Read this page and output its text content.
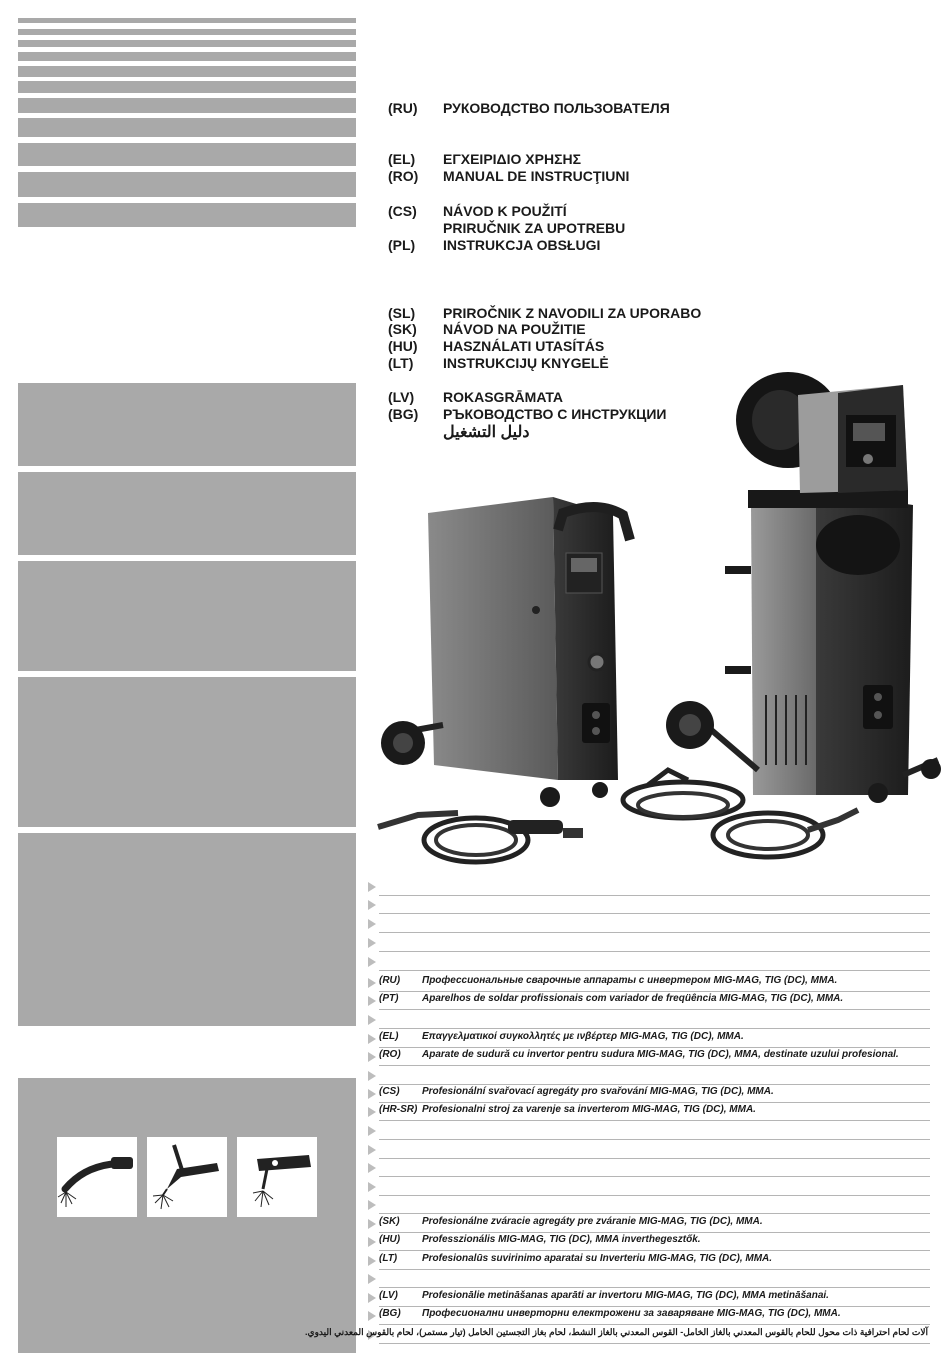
(RU)	РУКОВОДСТВО ПОЛЬЗОВАТЕЛЯ
(EL)	ΕΓΧΕΙΡΙΔΙΟ ΧΡΗΣΗΣ
(RO)	MANUAL DE INSTRUCŢIUNI
(CS)	NÁVOD K POUŽITÍ
PRIRUČNIK ZA UPOTREBU
(PL)	INSTRUKCJA OBSŁUGI
(SL)	PRIROČNIK Z NAVODILI ZA UPORABO
(SK)	NÁVOD NA POUŽITIE
(HU)	HASZNÁLATI UTASÍTÁS
(LT)	INSTRUKCIJŲ KNYGELĖ
(LV)	ROKASGRĀMATA
(BG)	РЪКОВОДСТВО С ИНСТРУКЦИИ
دليل التشغيل
(RU) Профессиональные сварочные аппараты с инвертером MIG-MAG, TIG (DC), MMA.
(PT) Aparelhos de soldar profissionais com variador de freqüência MIG-MAG, TIG (DC), MMA.
(EL) Επαγγελματικοί συγκολλητές με ινβέρτερ MIG-MAG, TIG (DC), MMA.
(RO) Aparate de sudură cu invertor pentru sudura MIG-MAG, TIG (DC), MMA, destinate uzului profesional.
(CS) Profesionální svařovací agregáty pro svařování MIG-MAG, TIG (DC), MMA.
(HR-SR) Profesionalni stroj za varenje sa inverterom MIG-MAG, TIG (DC), MMA.
(SK) Profesionálne zváracie agregáty pre zváranie MIG-MAG, TIG (DC), MMA.
(HU) Professzionális MIG-MAG, TIG (DC), MMA inverthegesztők.
(LT) Profesionalūs suvirinimo aparatai su Inverteriu MIG-MAG, TIG (DC), MMA.
(LV) Profesionālie metināšanas aparāti ar invertoru MIG-MAG, TIG (DC), MMA metināšanai.
(BG) Професионални инверторни електрожени за заваряване MIG-MAG, TIG (DC), MMA.
آلات لحام احترافية ذات محول للحام بالقوس المعدني بالغاز الخامل- القوس المعدني بالغاز النشط، لحام بغاز التجستين الخامل (تيار مستمر)، لحام بالقوس المعدني اليدوي.
